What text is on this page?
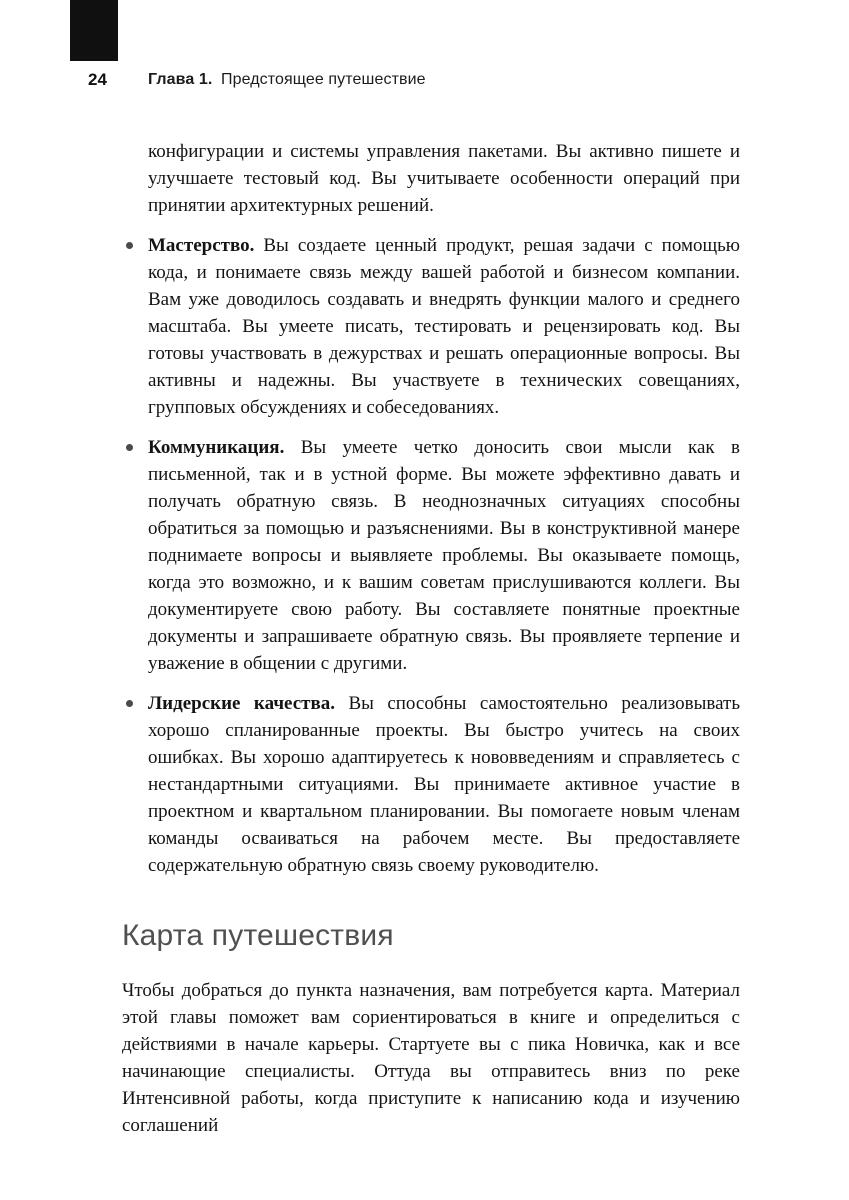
24	Глава 1. Предстоящее путешествие

конфигурации и системы управления пакетами. Вы активно пишете и улучшаете тестовый код. Вы учитываете особенности операций при принятии архитектурных решений.

Мастерство. Вы создаете ценный продукт, решая задачи с помощью кода, и понимаете связь между вашей работой и бизнесом компании. Вам уже доводилось создавать и внедрять функции малого и среднего масштаба. Вы умеете писать, тестировать и рецензировать код. Вы готовы участвовать в дежурствах и решать операционные вопросы. Вы активны и надежны. Вы участвуете в технических совещаниях, групповых обсуждениях и собеседованиях.
Коммуникация. Вы умеете четко доносить свои мысли как в письменной, так и в устной форме. Вы можете эффективно давать и получать обратную связь. В неоднозначных ситуациях способны обратиться за помощью и разъяснениями. Вы в конструктивной манере поднимаете вопросы и выявляете проблемы. Вы оказываете помощь, когда это возможно, и к вашим советам прислушиваются коллеги. Вы документируете свою работу. Вы составляете понятные проектные документы и запрашиваете обратную связь. Вы проявляете терпение и уважение в общении с другими.
Лидерские качества. Вы способны самостоятельно реализовывать хорошо спланированные проекты. Вы быстро учитесь на своих ошибках. Вы хорошо адаптируетесь к нововведениям и справляетесь с нестандартными ситуациями. Вы принимаете активное участие в проектном и квартальном планировании. Вы помогаете новым членам команды осваиваться на рабочем месте. Вы предоставляете содержательную обратную связь своему руководителю.
Карта путешествия

Чтобы добраться до пункта назначения, вам потребуется карта. Материал этой главы поможет вам сориентироваться в книге и определиться с действиями в начале карьеры. Стартуете вы с пика Новичка, как и все начинающие специалисты. Оттуда вы отправитесь вниз по реке Интенсивной работы, когда приступите к написанию кода и изучению соглашений
